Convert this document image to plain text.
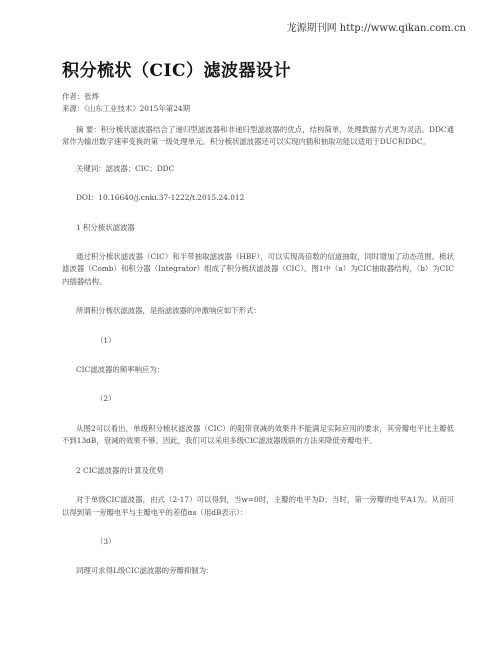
龙源期刊网 http://www.qikan.com.cn
积分梳状（CIC）滤波器设计

作者：张烨

来源：《山东工业技术》2015年第24期

摘 要：积分梳状滤波器结合了递归型滤波器和非递归型滤波器的优点，结构简单，处理数据方式更为灵活。DDC通常作为输出数字速率变换的第一级处理单元。积分梳状滤波器还可以实现内插和抽取功能以适用于DUC和DDC。

关键词：滤波器；CIC；DDC

DOI：10.16640/j.cnki.37-1222/t.2015.24.012

1 积分梳状滤波器

通过积分梳状滤波器（CIC）和半带抽取滤波器（HBF），可以实现高倍数的信道抽取，同时增加了动态范围。梳状滤波器（Comb）和积分器（Integrator）组成了积分梳状滤波器（CIC）。图1中（a）为CIC抽取器结构，（b）为CIC内插器结构。

所谓积分梳状滤波器，是指滤波器的冲激响应如下形式：

（1）

CIC滤波器的频率响应为：

（2）

从图2可以看出，单级积分梳状滤波器（CIC）的阻带衰减的效果并不能满足实际应用的要求，其旁瓣电平比主瓣低不到13dB，衰减的效果不够。因此，我们可以采用多级CIC滤波器级联的方法来降低旁瓣电平。

2 CIC滤波器的计算及优势

对于单级CIC滤波器，由式（2-17）可以得到，当w=0时，主瓣的电平为D；当时，第一旁瓣的电平A1为。从而可以得到第一旁瓣电平与主瓣电平的差值αs（用dB表示）：

（3）

同理可求得L级CIC滤波器的旁瓣抑制为：
